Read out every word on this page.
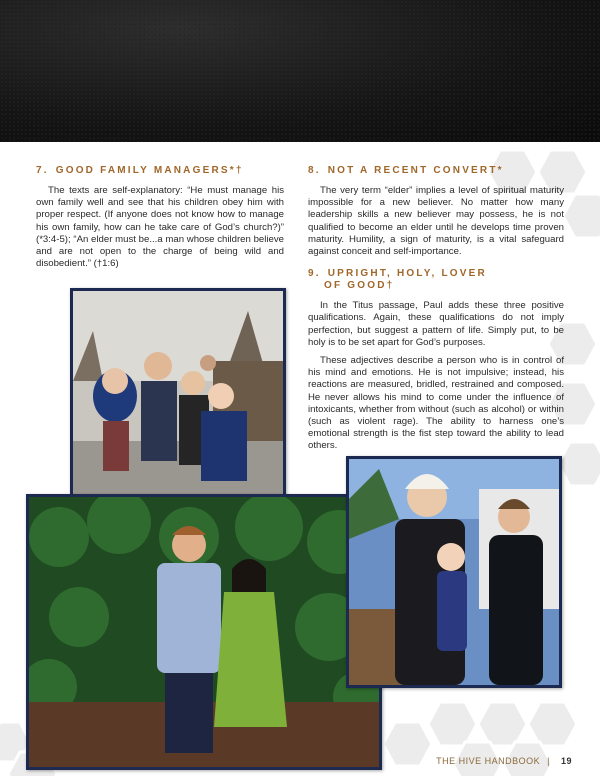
7. GOOD FAMILY MANAGERS*†

The texts are self-explanatory: “He must manage his own family well and see that his children obey him with proper respect. (If anyone does not know how to manage his own family, how can he take care of God’s church?)” (*3:4-5); “An elder must be...a man whose children believe and are not open to the charge of being wild and disobedient.” (†1:6)

8. NOT A RECENT CONVERT*

The very term “elder” implies a level of spiritual maturity impossible for a new believer. No matter how many leadership skills a new believer may possess, he is not qualified to become an elder until he develops time proven maturity. Humility, a sign of maturity, is a vital safeguard against conceit and self-importance.

9. UPRIGHT, HOLY, LOVER
OF GOOD†

In the Titus passage, Paul adds these three positive qualifications. Again, these qualifications do not imply perfection, but suggest a pattern of life. Simply put, to be holy is to be set apart for God’s purposes.

These adjectives describe a person who is in control of his mind and emotions. He is not impulsive; instead, his reactions are measured, bridled, restrained and composed. He never allows his mind to come under the influence of intoxicants, whether from without (such as alcohol) or within (such as violent rage). The ability to harness one’s emotional strength is the fist step toward the ability to lead others.

THE HIVE HANDBOOK | 19
